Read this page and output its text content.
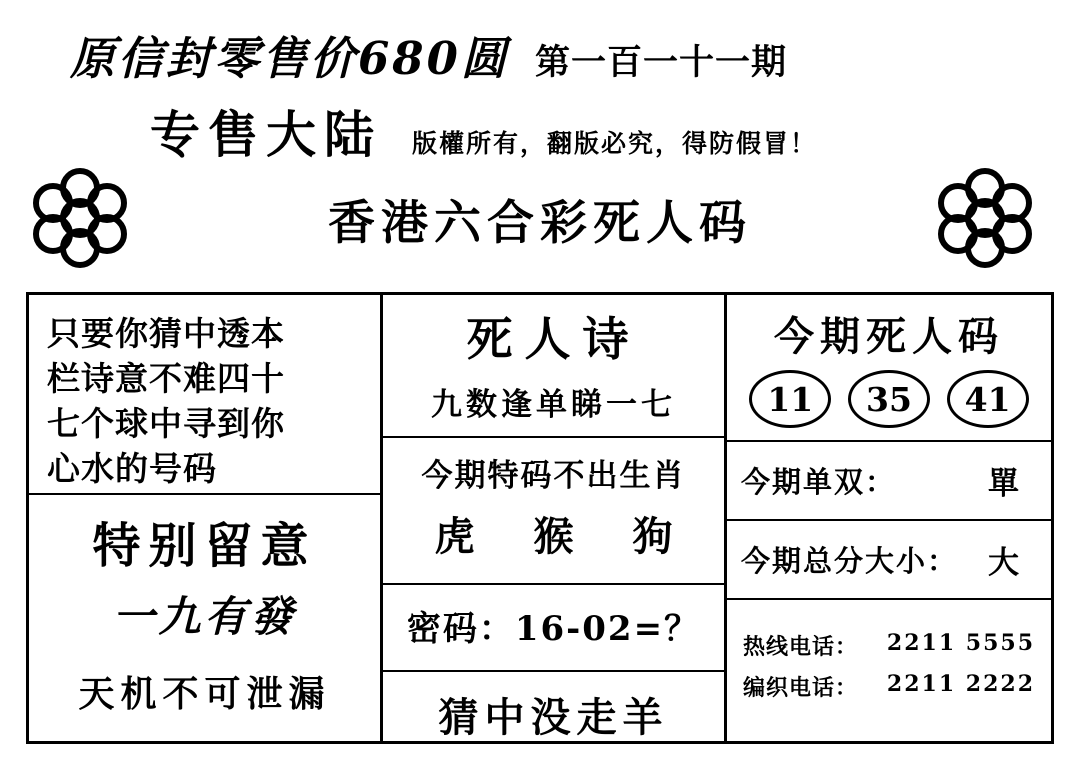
原信封零售价680圆 第一百一十一期
专售大陆 版權所有，翻版必究，得防假冒！
香港六合彩死人码
只要你猜中透本
栏诗意不难四十
七个球中寻到你
心水的号码
特别留意
一九有發
天机不可泄漏
死人诗
九数逢单睇一七
今期特码不出生肖
虎 猴 狗
密码：16-02=？
猜中没走羊
今期死人码
11	35	41
今期单双：	單
今期总分大小： 大
热线电话： 2211 5555
编织电话： 2211 2222
